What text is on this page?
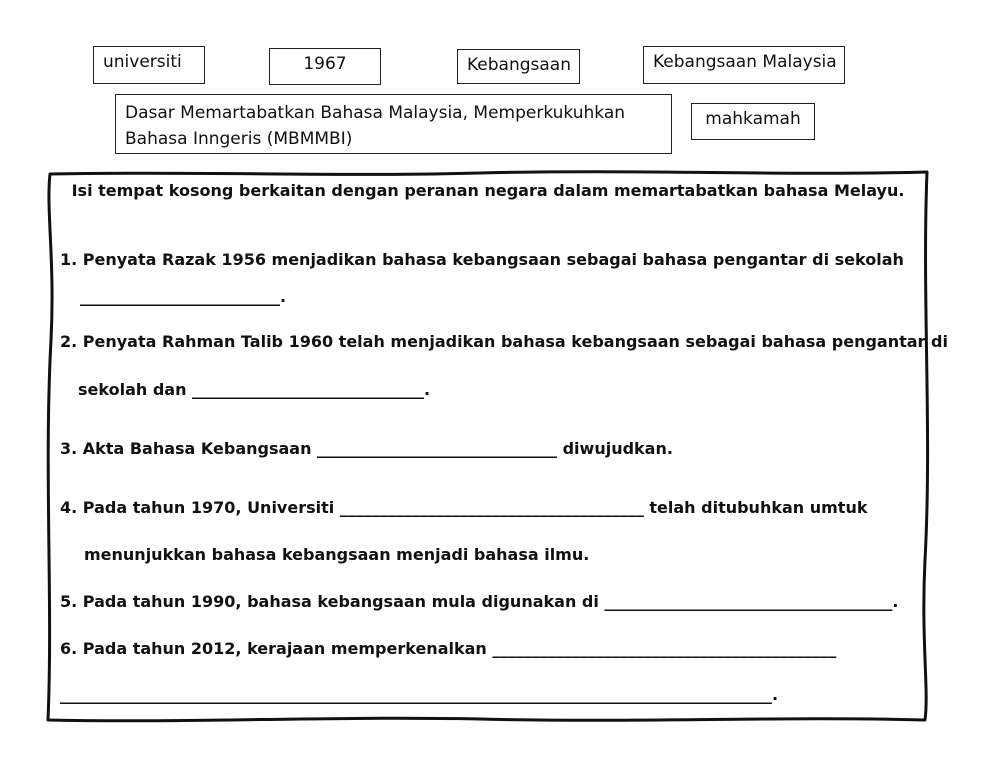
universiti	1967	Kebangsaan	Kebangsaan Malaysia
Dasar Memartabatkan Bahasa Malaysia, Memperkukuhkan Bahasa Inngeris (MBMMBI)
mahkamah
Isi tempat kosong berkaitan dengan peranan negara dalam memartabatkan bahasa Melayu.
1. Penyata Razak 1956 menjadikan bahasa kebangsaan sebagai bahasa pengantar di sekolah
_________________________.
2. Penyata Rahman Talib 1960 telah menjadikan bahasa kebangsaan sebagai bahasa pengantar di
sekolah dan _____________________________.
3. Akta Bahasa Kebangsaan ______________________________ diwujudkan.
4. Pada tahun 1970, Universiti ______________________________________ telah ditubuhkan umtuk
menunjukkan bahasa kebangsaan menjadi bahasa ilmu.
5. Pada tahun 1990, bahasa kebangsaan mula digunakan di ____________________________________.
6. Pada tahun 2012, kerajaan memperkenalkan ___________________________________________
_________________________________________________________________________________________.
